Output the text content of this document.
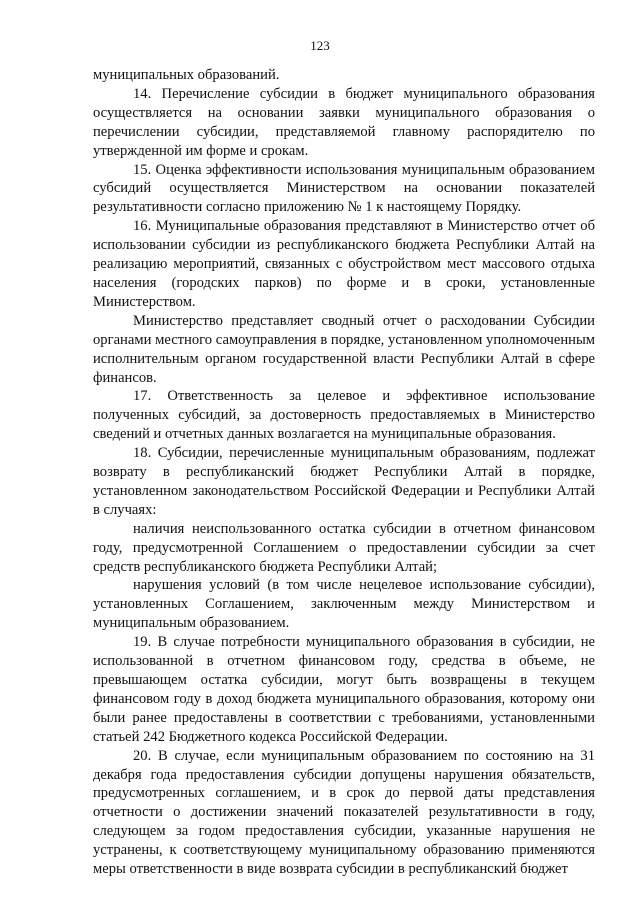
123

муниципальных образований.

14. Перечисление субсидии в бюджет муниципального образования осуществляется на основании заявки муниципального образования о перечислении субсидии, представляемой главному распорядителю по утвержденной им форме и срокам.

15. Оценка эффективности использования муниципальным образованием субсидий осуществляется Министерством на основании показателей результативности согласно приложению № 1 к настоящему Порядку.

16. Муниципальные образования представляют в Министерство отчет об использовании субсидии из республиканского бюджета Республики Алтай на реализацию мероприятий, связанных с обустройством мест массового отдыха населения (городских парков) по форме и в сроки, установленные Министерством.

Министерство представляет сводный отчет о расходовании Субсидии органами местного самоуправления в порядке, установленном уполномоченным исполнительным органом государственной власти Республики Алтай в сфере финансов.

17. Ответственность за целевое и эффективное использование полученных субсидий, за достоверность предоставляемых в Министерство сведений и отчетных данных возлагается на муниципальные образования.

18. Субсидии, перечисленные муниципальным образованиям, подлежат возврату в республиканский бюджет Республики Алтай в порядке, установленном законодательством Российской Федерации и Республики Алтай в случаях:

наличия неиспользованного остатка субсидии в отчетном финансовом году, предусмотренной Соглашением о предоставлении субсидии за счет средств республиканского бюджета Республики Алтай;

нарушения условий (в том числе нецелевое использование субсидии), установленных Соглашением, заключенным между Министерством и муниципальным образованием.

19. В случае потребности муниципального образования в субсидии, не использованной в отчетном финансовом году, средства в объеме, не превышающем остатка субсидии, могут быть возвращены в текущем финансовом году в доход бюджета муниципального образования, которому они были ранее предоставлены в соответствии с требованиями, установленными статьей 242 Бюджетного кодекса Российской Федерации.

20. В случае, если муниципальным образованием по состоянию на 31 декабря года предоставления субсидии допущены нарушения обязательств, предусмотренных соглашением, и в срок до первой даты представления отчетности о достижении значений показателей результативности в году, следующем за годом предоставления субсидии, указанные нарушения не устранены, к соответствующему муниципальному образованию применяются меры ответственности в виде возврата субсидии в республиканский бюджет
